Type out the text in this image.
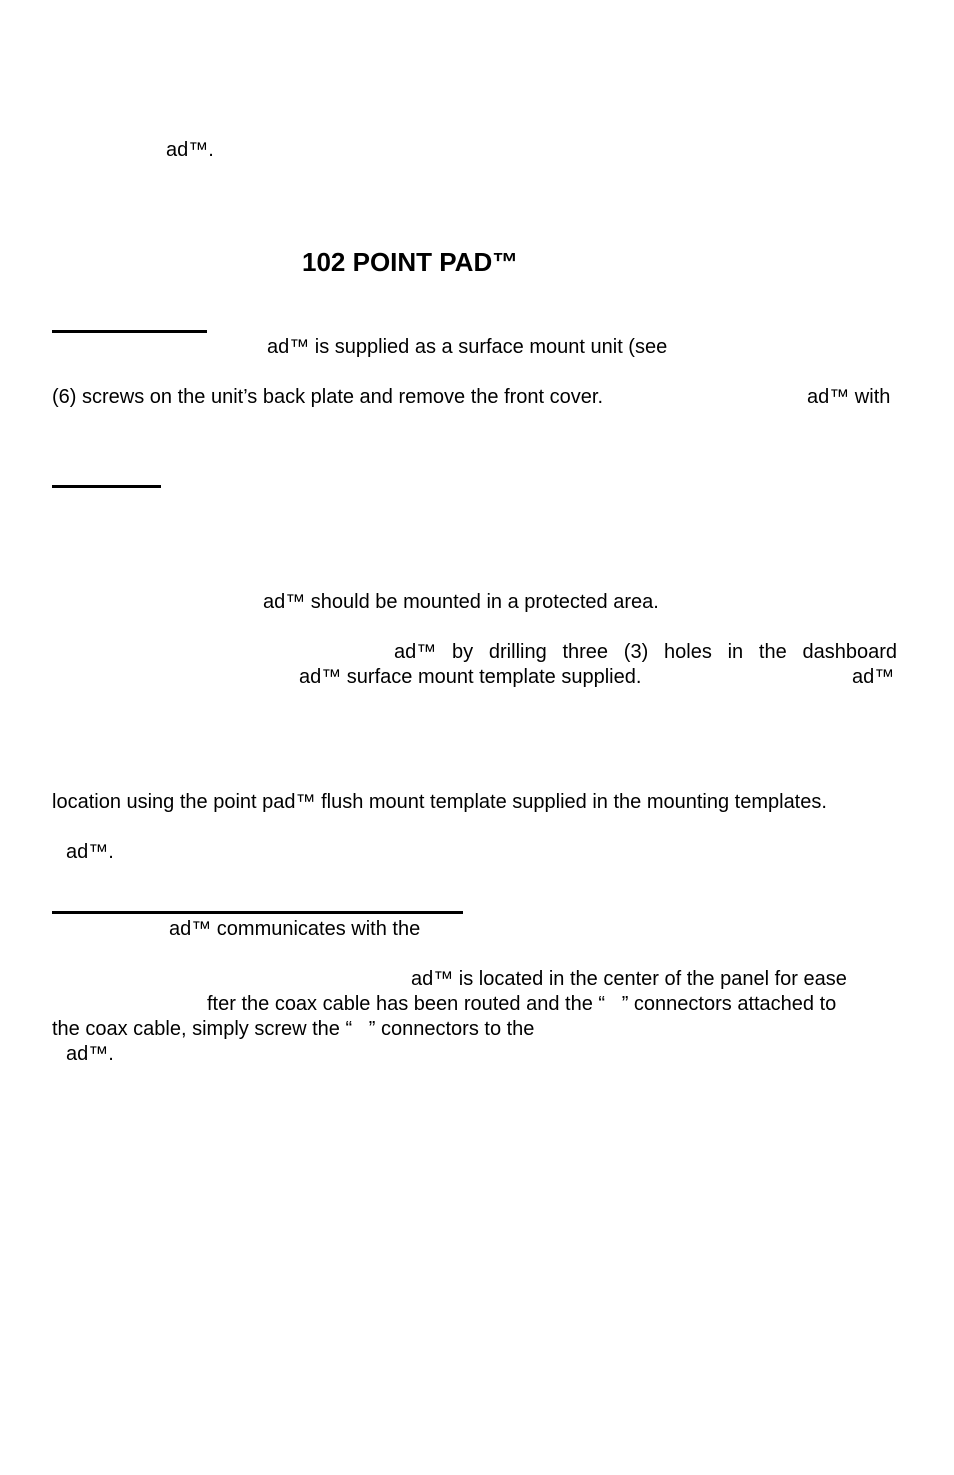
ad™.
102 POINT PAD™
ad™ is supplied as a surface mount unit (see
(6) screws on the unit’s back plate and remove the front cover.	ad™ with
ad™ should be mounted in a protected area.
ad™ by drilling three (3) holes in the dashboard
ad™ surface mount template supplied.	ad™
location using the point pad™ flush mount template supplied in the mounting templates.
ad™.
ad™ communicates with the
ad™ is located in the center of the panel for ease
fter the coax cable has been routed and the “   ” connectors attached to
the coax cable, simply screw the “   ” connectors to the
ad™.
